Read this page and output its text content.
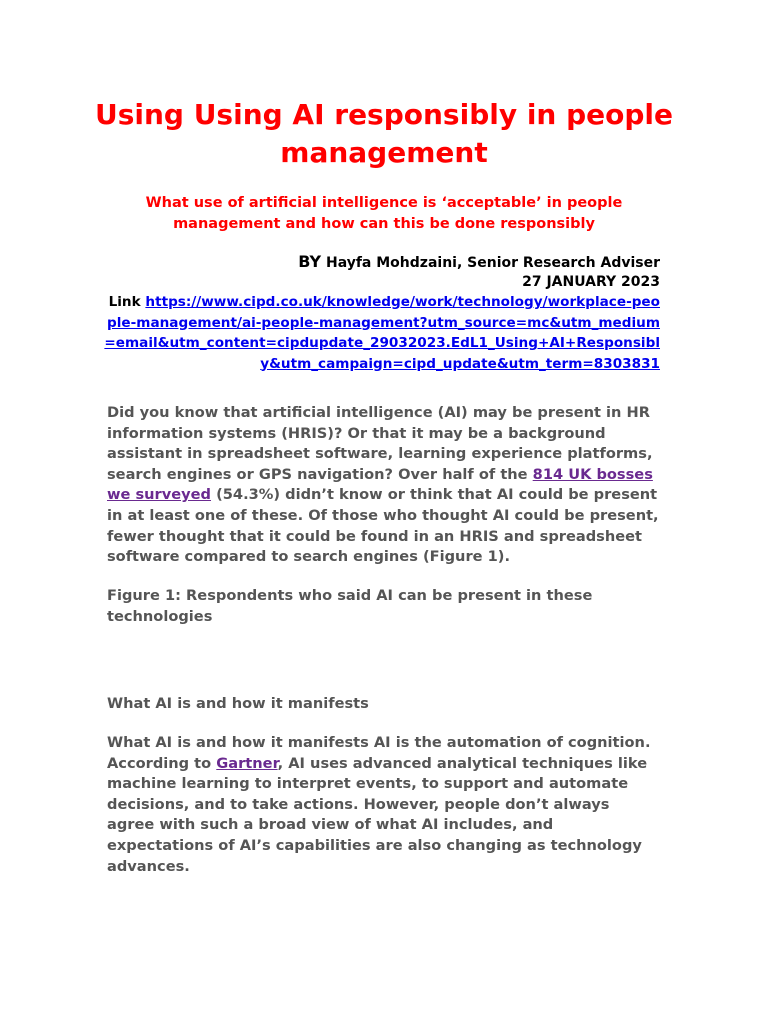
Using Using AI responsibly in people management

What use of artificial intelligence is ‘acceptable’ in people management and how can this be done responsibly

BY Hayfa Mohdzaini, Senior Research Adviser
27 JANUARY 2023
Link https://www.cipd.co.uk/knowledge/work/technology/workplace-people-management/ai-people-management?utm_source=mc&utm_medium=email&utm_content=cipdupdate_29032023.EdL1_Using+AI+Responsibly&utm_campaign=cipd_update&utm_term=8303831

Did you know that artificial intelligence (AI) may be present in HR information systems (HRIS)? Or that it may be a background assistant in spreadsheet software, learning experience platforms, search engines or GPS navigation? Over half of the 814 UK bosses we surveyed (54.3%) didn’t know or think that AI could be present in at least one of these. Of those who thought AI could be present, fewer thought that it could be found in an HRIS and spreadsheet software compared to search engines (Figure 1).

Figure 1: Respondents who said AI can be present in these technologies

What AI is and how it manifests

What AI is and how it manifests AI is the automation of cognition. According to Gartner, AI uses advanced analytical techniques like machine learning to interpret events, to support and automate decisions, and to take actions. However, people don’t always agree with such a broad view of what AI includes, and expectations of AI’s capabilities are also changing as technology advances.
